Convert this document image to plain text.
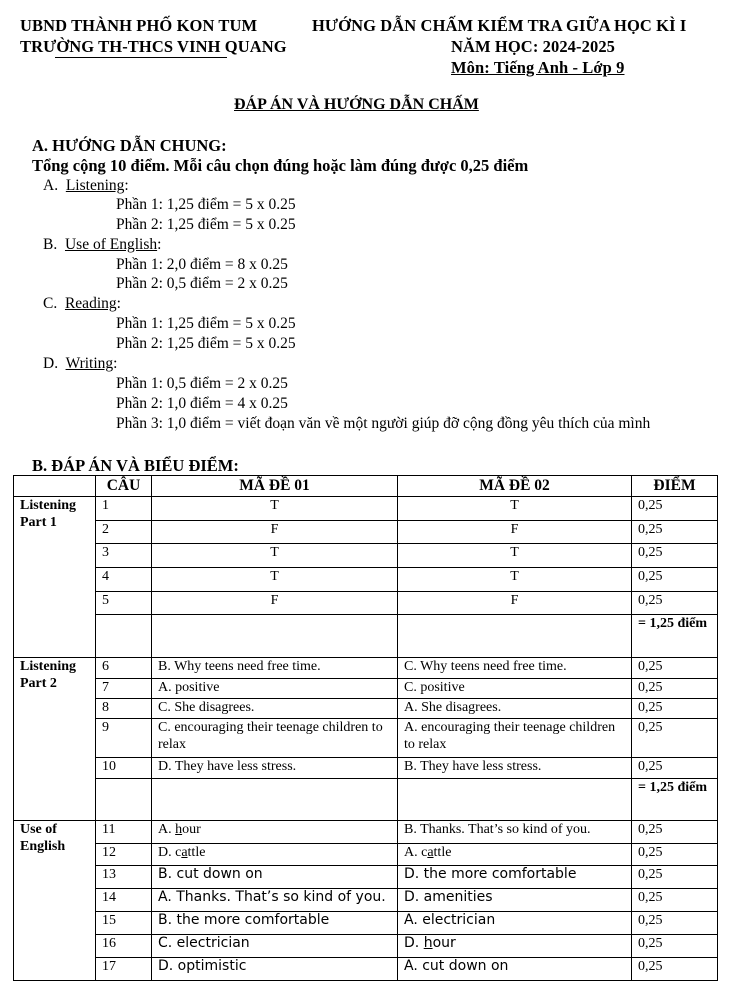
UBND THÀNH PHỐ KON TUM
TRƯỜNG TH-THCS VINH QUANG
HƯỚNG DẪN CHẤM KIỂM TRA GIỮA HỌC KÌ I
NĂM HỌC: 2024-2025
Môn: Tiếng Anh - Lớp 9
ĐÁP ÁN VÀ HƯỚNG DẪN CHẤM
A. HƯỚNG DẪN CHUNG:
Tổng cộng 10 điểm. Mỗi câu chọn đúng hoặc làm đúng được 0,25 điểm
A. Listening:
Phần 1: 1,25 điểm = 5 x 0.25
Phần 2: 1,25 điểm = 5 x 0.25
B. Use of English:
Phần 1: 2,0 điểm = 8 x 0.25
Phần 2: 0,5 điểm = 2 x 0.25
C. Reading:
Phần 1: 1,25 điểm = 5 x 0.25
Phần 2: 1,25 điểm = 5 x 0.25
D. Writing:
Phần 1: 0,5 điểm = 2 x 0.25
Phần 2: 1,0 điểm = 4 x 0.25
Phần 3: 1,0 điểm = viết đoạn văn về một người giúp đỡ cộng đồng yêu thích của mình
B. ĐÁP ÁN VÀ BIỂU ĐIỂM:
	CÂU	MÃ ĐỀ 01	MÃ ĐỀ 02	ĐIỂM
Listening Part 1	1	T	T	0,25
	2	F	F	0,25
	3	T	T	0,25
	4	T	T	0,25
	5	F	F	0,25
				= 1,25 điểm
Listening Part 2	6	B. Why teens need free time.	C. Why teens need free time.	0,25
	7	A. positive	C. positive	0,25
	8	C. She disagrees.	A. She disagrees.	0,25
	9	C. encouraging their teenage children to relax	A. encouraging their teenage children to relax	0,25
	10	D. They have less stress.	B. They have less stress.	0,25
				= 1,25 điểm
Use of English	11	A. hour	B. Thanks. That’s so kind of you.	0,25
	12	D. cattle	A. cattle	0,25
	13	B. cut down on	D. the more comfortable	0,25
	14	A. Thanks. That’s so kind of you.	D. amenities	0,25
	15	B. the more comfortable	A. electrician	0,25
	16	C. electrician	D. hour	0,25
	17	D. optimistic	A. cut down on	0,25
